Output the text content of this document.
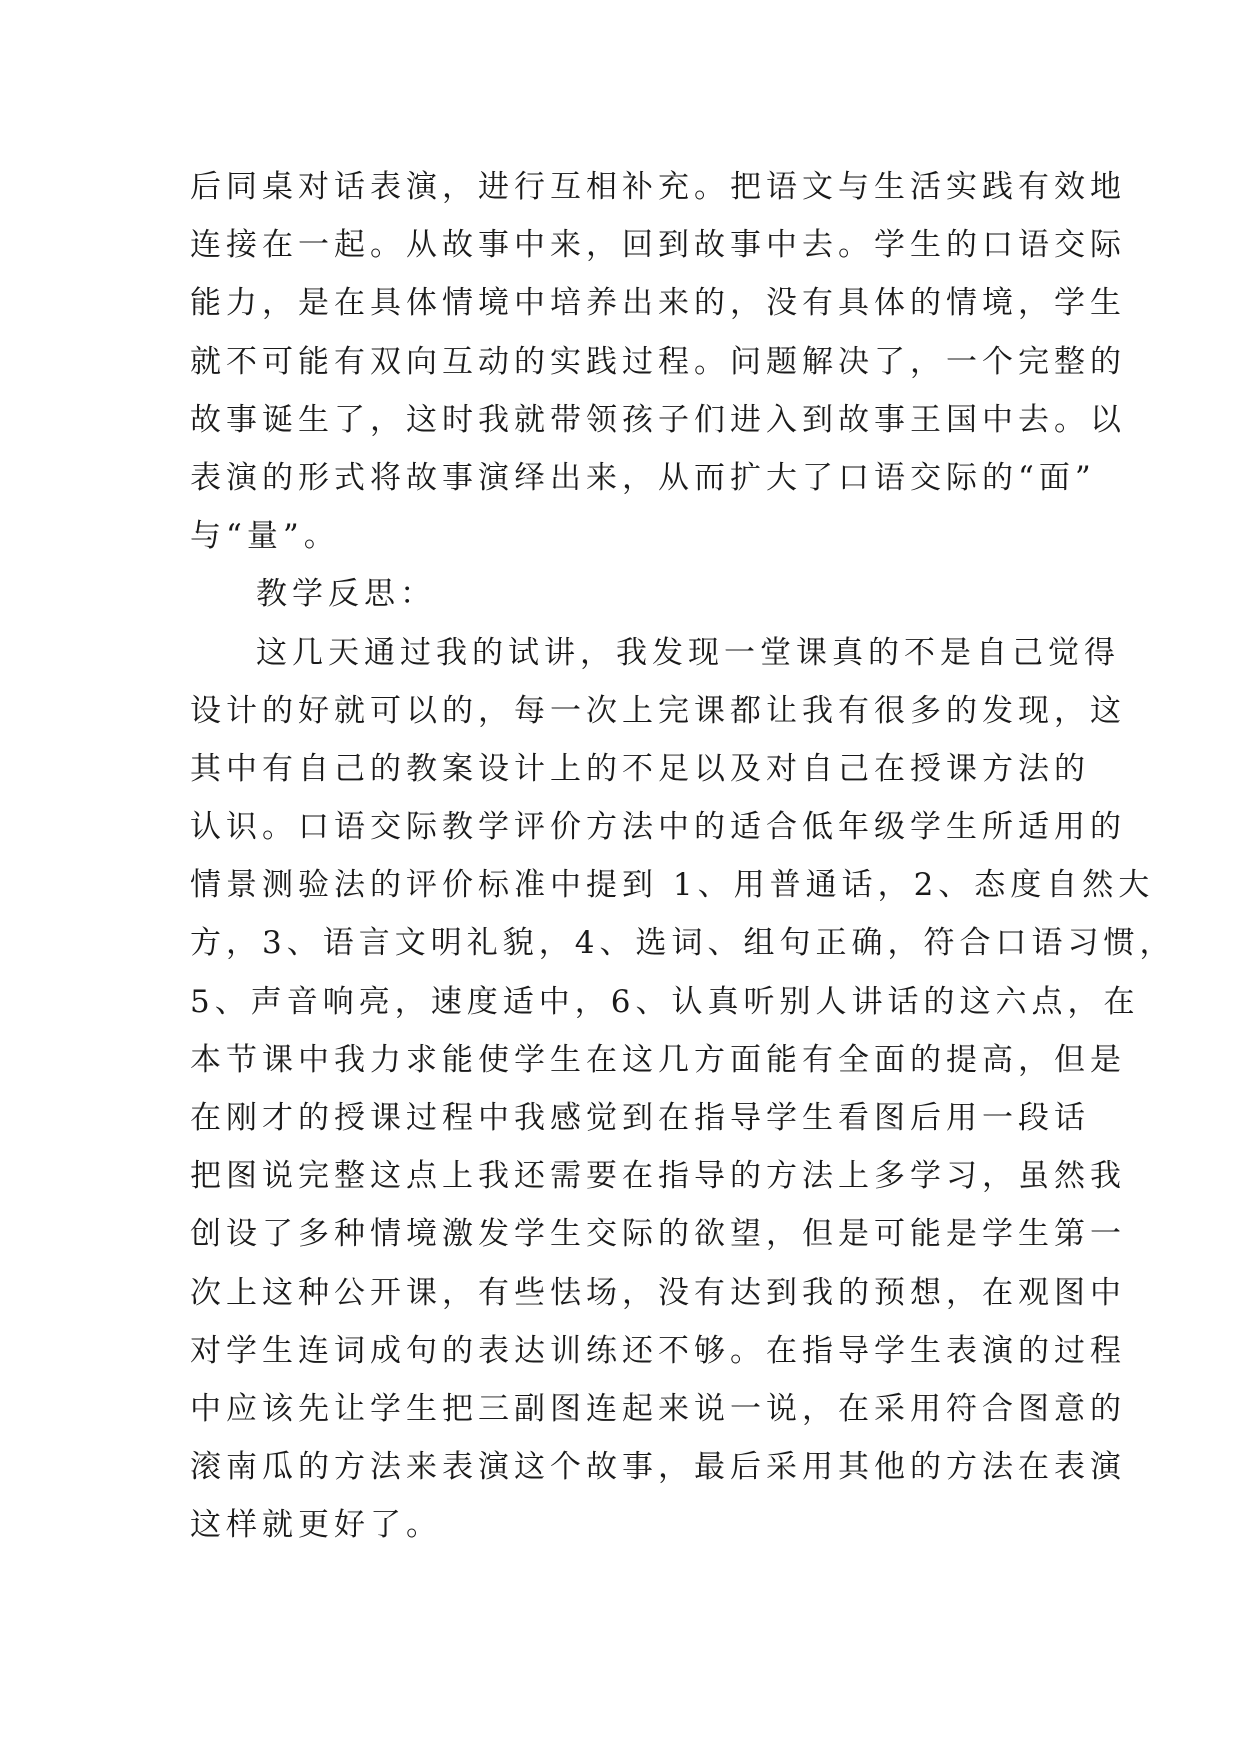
后同桌对话表演，进行互相补充。把语文与生活实践有效地
连接在一起。从故事中来，回到故事中去。学生的口语交际
能力，是在具体情境中培养出来的，没有具体的情境，学生
就不可能有双向互动的实践过程。问题解决了，一个完整的
故事诞生了，这时我就带领孩子们进入到故事王国中去。以
表演的形式将故事演绎出来，从而扩大了口语交际的“面”
与“量”。
教学反思：
这几天通过我的试讲，我发现一堂课真的不是自己觉得
设计的好就可以的，每一次上完课都让我有很多的发现，这
其中有自己的教案设计上的不足以及对自己在授课方法的
认识。口语交际教学评价方法中的适合低年级学生所适用的
情景测验法的评价标准中提到 1、用普通话，2、态度自然大
方，3、语言文明礼貌，4、选词、组句正确，符合口语习惯，
5、声音响亮，速度适中，6、认真听别人讲话的这六点，在
本节课中我力求能使学生在这几方面能有全面的提高，但是
在刚才的授课过程中我感觉到在指导学生看图后用一段话
把图说完整这点上我还需要在指导的方法上多学习，虽然我
创设了多种情境激发学生交际的欲望，但是可能是学生第一
次上这种公开课，有些怯场，没有达到我的预想，在观图中
对学生连词成句的表达训练还不够。在指导学生表演的过程
中应该先让学生把三副图连起来说一说，在采用符合图意的
滚南瓜的方法来表演这个故事，最后采用其他的方法在表演
这样就更好了。
